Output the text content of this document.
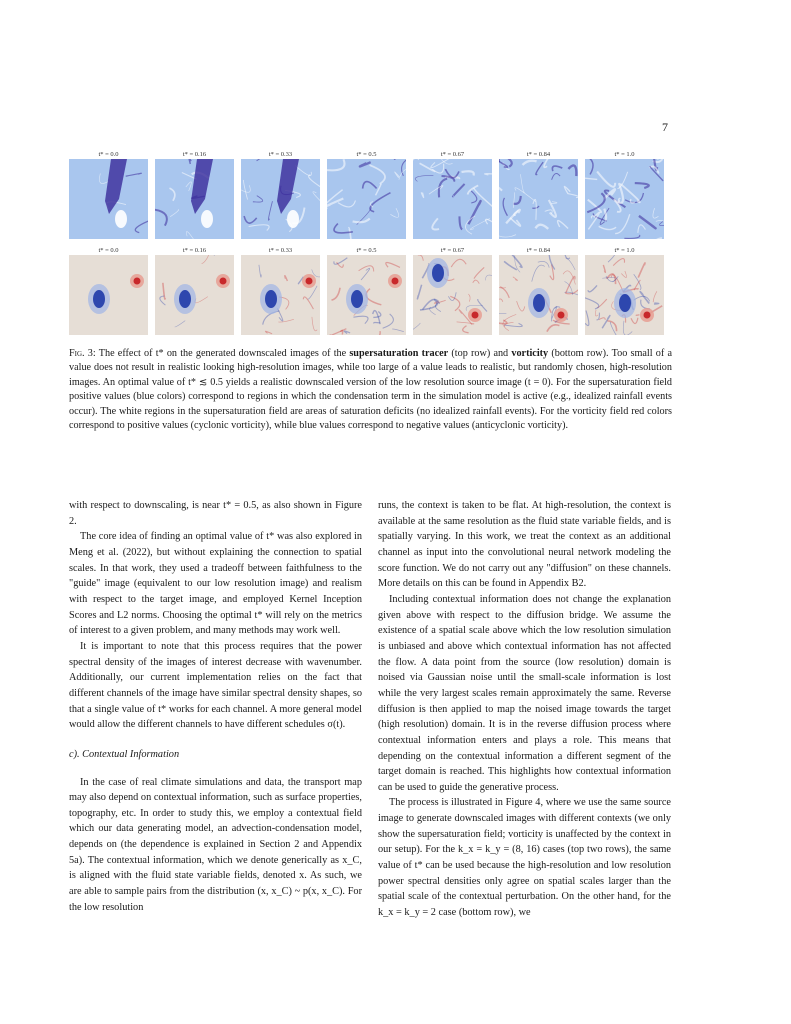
7
t* = 0.0	t* = 0.16	t* = 0.33	t* = 0.5	t* = 0.67	t* = 0.84	t* = 1.0
t* = 0.0	t* = 0.16	t* = 0.33	t* = 0.5	t* = 0.67	t* = 0.84	t* = 1.0
Fig. 3: The effect of t* on the generated downscaled images of the supersaturation tracer (top row) and vorticity (bottom row). Too small of a value does not result in realistic looking high-resolution images, while too large of a value leads to realistic, but randomly chosen, high-resolution images. An optimal value of t* ≲ 0.5 yields a realistic downscaled version of the low resolution source image (t = 0). For the supersaturation field positive values (blue colors) correspond to regions in which the condensation term in the simulation model is active (e.g., idealized rainfall events occur). The white regions in the supersaturation field are areas of saturation deficits (no idealized rainfall events). For the vorticity field red colors correspond to positive values (cyclonic vorticity), while blue values correspond to negative values (anticyclonic vorticity).

with respect to downscaling, is near t* = 0.5, as also shown in Figure 2.

The core idea of finding an optimal value of t* was also explored in Meng et al. (2022), but without explaining the connection to spatial scales. In that work, they used a tradeoff between faithfulness to the "guide" image (equivalent to our low resolution image) and realism with respect to the target image, and employed Kernel Inception Scores and L2 norms. Choosing the optimal t* will rely on the metrics of interest to a given problem, and many methods may work well.

It is important to note that this process requires that the power spectral density of the images of interest decrease with wavenumber. Additionally, our current implementation relies on the fact that different channels of the image have similar spectral density shapes, so that a single value of t* works for each channel. A more general model would allow the different channels to have different schedules σ(t).

c). Contextual Information

In the case of real climate simulations and data, the transport map may also depend on contextual information, such as surface properties, topography, etc. In order to study this, we employ a contextual field which our data generating model, an advection-condensation model, depends on (the dependence is explained in Section 2 and Appendix 5a). The contextual information, which we denote generically as x_C, is aligned with the fluid state variable fields, denoted x. As such, we are able to sample pairs from the distribution (x, x_C) ~ p(x, x_C). For the low resolution

runs, the context is taken to be flat. At high-resolution, the context is available at the same resolution as the fluid state variable fields, and is spatially varying. In this work, we treat the context as an additional channel as input into the convolutional neural network modeling the score function. We do not carry out any "diffusion" on these channels. More details on this can be found in Appendix B2.

Including contextual information does not change the explanation given above with respect to the diffusion bridge. We assume the existence of a spatial scale above which the low resolution simulation is unbiased and above which contextual information has not affected the flow. A data point from the source (low resolution) domain is noised via Gaussian noise until the small-scale information is lost while the very largest scales remain approximately the same. Reverse diffusion is then applied to map the noised image towards the target (high resolution) domain. It is in the reverse diffusion process where contextual information enters and plays a role. This means that depending on the contextual information a different segment of the target domain is reached. This highlights how contextual information can be used to guide the generative process.

The process is illustrated in Figure 4, where we use the same source image to generate downscaled images with different contexts (we only show the supersaturation field; vorticity is unaffected by the context in our setup). For the k_x = k_y = (8, 16) cases (top two rows), the same value of t* can be used because the high-resolution and low resolution power spectral densities only agree on spatial scales larger than the spatial scale of the contextual perturbation. On the other hand, for the k_x = k_y = 2 case (bottom row), we
